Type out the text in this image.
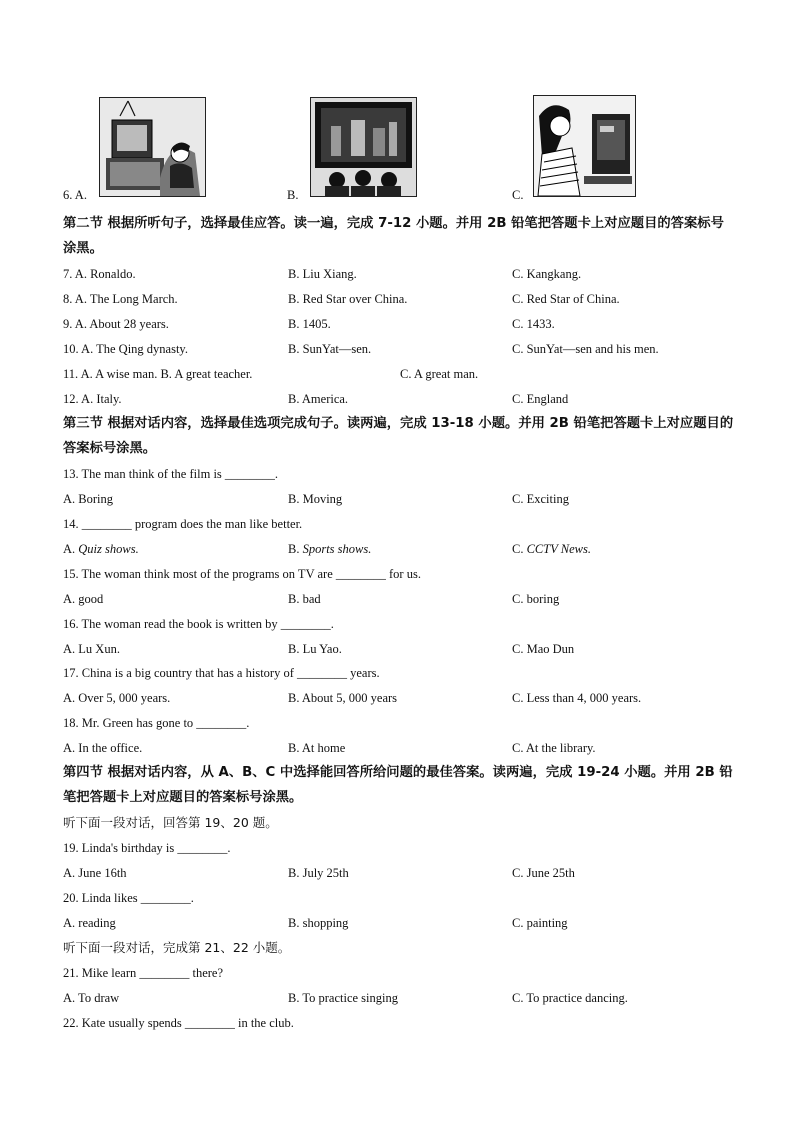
6. A.	B.	C.
第二节 根据所听句子，选择最佳应答。读一遍，完成 7-12 小题。并用 2B 铅笔把答题卡上对应题目的答案标号涂黑。
7. A. Ronaldo.	B. Liu Xiang.	C. Kangkang.
8. A. The Long March.	B. Red Star over China.	C. Red Star of China.
9. A. About 28 years.	B. 1405.	C. 1433.
10. A. The Qing dynasty.	B. SunYat—sen.	C. SunYat—sen and his men.
11. A. A wise man. B. A great teacher.	C. A great man.
12. A. Italy.	B. America.	C. England
第三节 根据对话内容，选择最佳选项完成句子。读两遍，完成 13-18 小题。并用 2B 铅笔把答题卡上对应题目的答案标号涂黑。
13. The man think of the film is ________.
A. Boring	B. Moving	C. Exciting
14. ________ program does the man like better.
A. Quiz shows.	B. Sports shows.	C. CCTV News.
15. The woman think most of the programs on TV are ________ for us.
A. good	B. bad	C. boring
16. The woman read the book is written by ________.
A. Lu Xun.	B. Lu Yao.	C. Mao Dun
17. China is a big country that has a history of ________ years.
A. Over 5, 000 years.	B. About 5, 000 years	C. Less than 4, 000 years.
18. Mr. Green has gone to ________.
A. In the office.	B. At home	C. At the library.
第四节 根据对话内容，从 A、B、C 中选择能回答所给问题的最佳答案。读两遍，完成 19-24 小题。并用 2B 铅笔把答题卡上对应题目的答案标号涂黑。
听下面一段对话，回答第 19、20 题。
19. Linda's birthday is ________.
A. June 16th	B. July 25th	C. June 25th
20. Linda likes ________.
A. reading	B. shopping	C. painting
听下面一段对话，完成第 21、22 小题。
21. Mike learn ________ there?
A. To draw	B. To practice singing	C. To practice dancing.
22. Kate usually spends ________ in the club.
